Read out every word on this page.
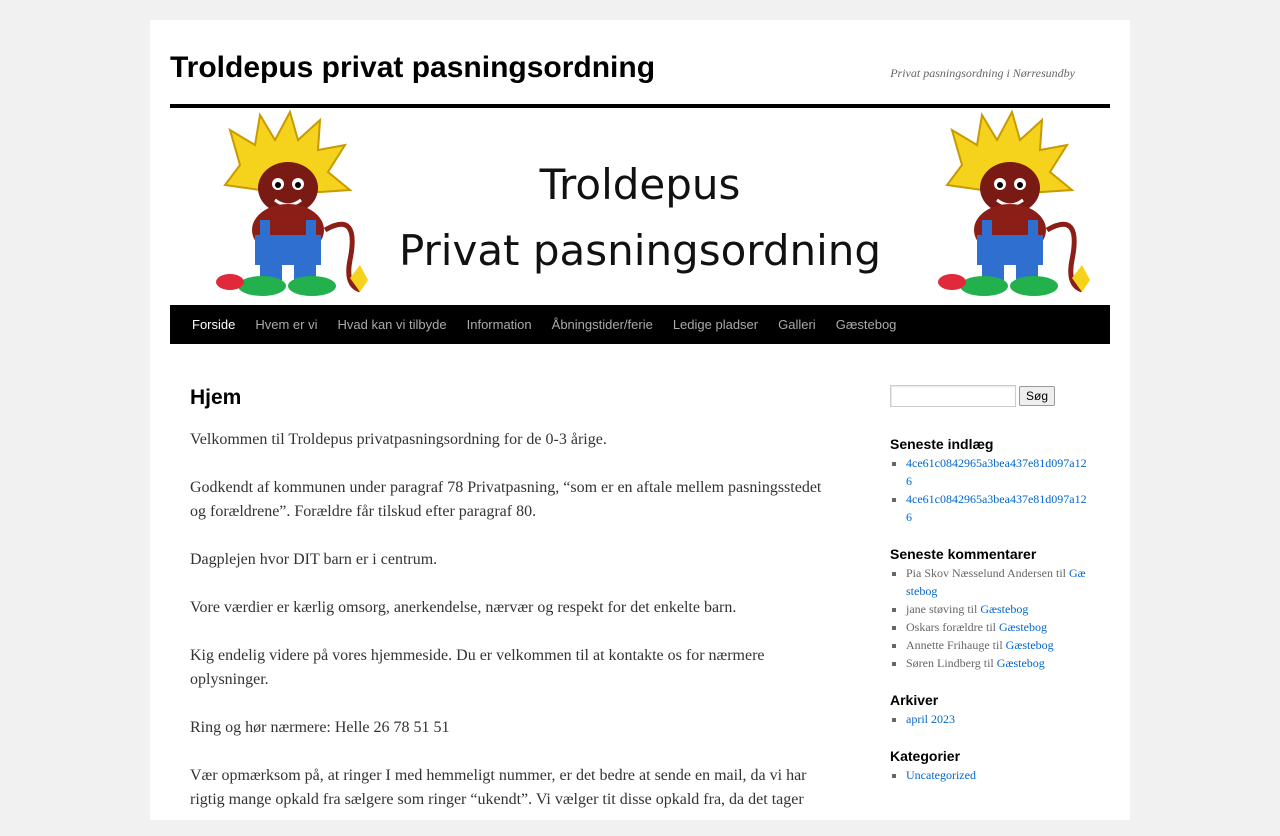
Troldepus privat pasningsordning	Privat pasningsordning i Nørresundby
Troldepus
Privat pasningsordning
Forside	Hvem er vi	Hvad kan vi tilbyde	Information	Åbningstider/ferie	Ledige pladser	Galleri	Gæstebog
Hjem

Velkommen til Troldepus privatpasningsordning for de 0-3 årige.

Godkendt af kommunen under paragraf 78 Privatpasning, “som er en aftale mellem pasningsstedet og forældrene”. Forældre får tilskud efter paragraf 80.

Dagplejen hvor DIT barn er i centrum.

Vore værdier er kærlig omsorg, anerkendelse, nærvær og respekt for det enkelte barn.

Kig endelig videre på vores hjemmeside. Du er velkommen til at kontakte os for nærmere oplysninger.

Ring og hør nærmere: Helle 26 78 51 51

Vær opmærksom på, at ringer I med hemmeligt nummer, er det bedre at sende en mail, da vi har rigtig mange opkald fra sælgere som ringer “ukendt”. Vi vælger tit disse opkald fra, da det tager

Søg
Seneste indlæg
▪ 4ce61c0842965a3bea437e81d097a126
▪ 4ce61c0842965a3bea437e81d097a126
Seneste kommentarer
▪ Pia Skov Næsselund Andersen til Gæstebog
▪ jane støving til Gæstebog
▪ Oskars forældre til Gæstebog
▪ Annette Frihauge til Gæstebog
▪ Søren Lindberg til Gæstebog
Arkiver
▪ april 2023
Kategorier
▪ Uncategorized
